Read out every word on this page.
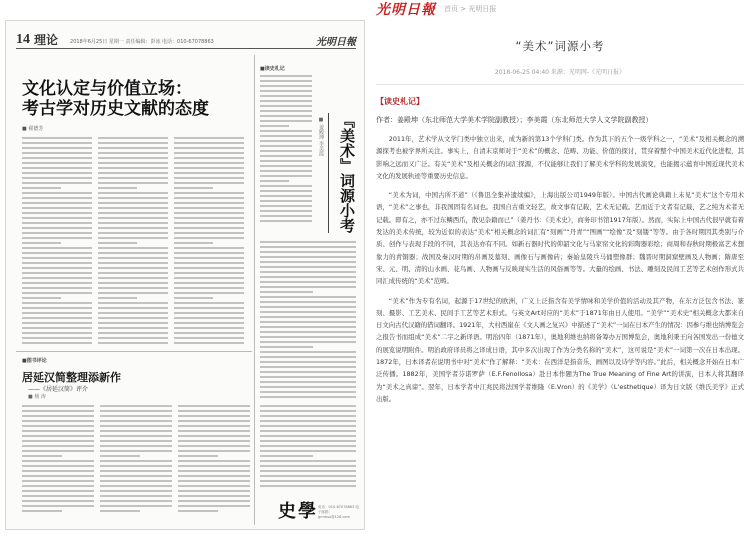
14 理论 2018年6月25日 星期一 责任编辑：彭冰 电话：010-67078863	光明日報
文化认定与价值立场：
考古学对历史文献的态度
■ 翟德芳
■读史札记
■ 姜殿坤 李美霞 『美术』词源小考
■图书评论
居延汉简整理添新作
——《居延汉简》评介
■ 杨 涛
史學 电话：010-67078863 电子邮箱：gmrbsx@126.com
光明日報 首页 > 光明日报
“美术”词源小考
2018-06-25 04:40 来源：光明网-《光明日报》
【读史札记】
作者：姜殿坤（东北师范大学美术学院副教授）；李美霞（东北师范大学人文学院副教授）

2011年，艺术学从文学门类中独立出来，成为新的第13个学科门类。作为其下的五个一级学科之一，“美术”及相关概念的溯源探考也被学界所关注。事实上，自清末京师对于“美术”的概念、范畴、功能、价值的探讨，贯穿着整个中国美术近代化进程，其影响之远而又广泛。有关“美术”及相关概念的词汇探源，不仅能够让我们了解美术学科的发展演变，也能揭示蕴育中国近现代美术文化的发展轨迹等重要历史信息。

“美术为词，中国古所不道”（《鲁迅全集补遗续编》，上海出版公司1949年版）。中国古代画论典籍上未见“美术”这个专用术语，“美术”之事也，非我国固有名词也。我国自古重文轻艺，故文事有记载，艺术无记载。艺而近于文者有记载，艺之纯为术者无记载。即有之，亦不过东鳞西爪，散见杂籍而已”（姜丹书：《美术史》，商务印书馆1917年版）。然而，实际上中国古代很早就有着发达的美术传统，较为近似的表达“美术”相关概念的词汇有“刻画”“丹青”“图画”“绘像”及“刻镂”等等。由于各时期因其类别与介质、创作与表现手段的不同，其表达亦有不同。如新石器时代的仰韶文化与马家窑文化的彩陶器彩绘；商周和春秋时期极富艺术想象力的青铜器；战国及秦汉时期的帛画及墓刻、画像石与画像砖；秦始皇陵兵马俑塑像群；魏晋时期洞窟壁画及人物画；隋唐至宋、元、明、清的山水画、花鸟画、人物画与反映现实生活的风俗画等等。大量的绘画、书法、雕刻及民间工艺等艺术创作形式共同汇成传统的“美术”范畴。

“美术”作为专有名词，起源于17世纪的欧洲，广义上泛指含有美学情味和美学价值的活动及其产物，在东方泛包含书法、篆刻、摄影、工艺美术、民间手工艺等艺术形式。与英文Art对应的“美术”于1871年由日人使用。“美学”“美术史”相关概念大都来自日文向古代汉籍的借词翻译。1921年，大村西崖在《文人画之复兴》中描述了“美术”一词在日本产生的情况：因参与维也纳博览会之报告书而组成“美术”二字之新译语。明治四年（1871年），奥地利维也纳将备筹办万国博览会，奥地利秉王向各国发出一份德文的展览说明附件。明治政府译员将之译成日语，其中多次出现了作为分类名称的“美术”，这可说是“美术”一词第一次在日本出现。1872年，日本译者在说明书中对“美术”作了解释：“美术：在西洋是指音乐、画图以及诗学等内容。”此后，相关概念开始在日本广泛传播。1882年，美国学者芬诺罗萨（E.F.Fenollosa）赴日本作题为The True Meaning of Fine Art的讲演，日本人将其翻译为“美术之真谛”。翌年，日本学者中江兆民将法国学者维隆（E.Vron）的《美学》（L’esthetique）译为日文版《维氏美学》正式出版。
